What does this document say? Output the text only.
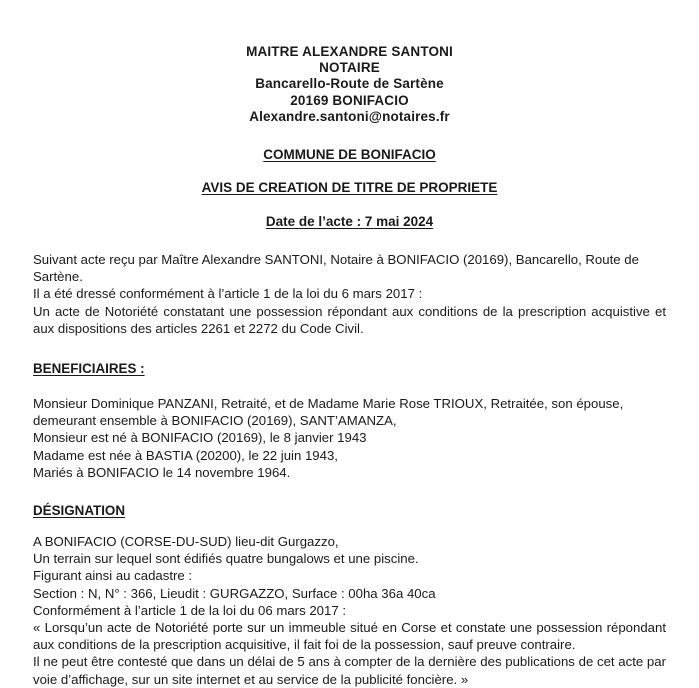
MAITRE ALEXANDRE SANTONI
NOTAIRE
Bancarello-Route de Sartène
20169 BONIFACIO
Alexandre.santoni@notaires.fr
COMMUNE DE BONIFACIO
AVIS DE CREATION DE TITRE DE PROPRIETE
Date de l’acte : 7 mai 2024

Suivant acte reçu par Maître Alexandre SANTONI, Notaire à BONIFACIO (20169), Bancarello, Route de Sartène.

Il a été dressé conformément à l’article 1 de la loi du 6 mars 2017 :

Un acte de Notoriété constatant une possession répondant aux conditions de la prescription acquistive et aux dispositions des articles 2261 et 2272 du Code Civil.

BENEFICIAIRES :

Monsieur Dominique PANZANI, Retraité, et de Madame Marie Rose TRIOUX, Retraitée, son épouse, demeurant ensemble à BONIFACIO (20169), SANT’AMANZA,

Monsieur est né à BONIFACIO (20169), le 8 janvier 1943

Madame est née à BASTIA (20200), le 22 juin 1943,

Mariés à BONIFACIO le 14 novembre 1964.

DÉSIGNATION

A BONIFACIO (CORSE-DU-SUD) lieu-dit Gurgazzo,

Un terrain sur lequel sont édifiés quatre bungalows et une piscine.

Figurant ainsi au cadastre :

Section : N, N° : 366, Lieudit : GURGAZZO, Surface : 00ha 36a 40ca

Conformément à l’article 1 de la loi du 06 mars 2017 :

« Lorsqu’un acte de Notoriété porte sur un immeuble situé en Corse et constate une possession répondant aux conditions de la prescription acquisitive, il fait foi de la possession, sauf preuve contraire.

Il ne peut être contesté que dans un délai de 5 ans à compter de la dernière des publications de cet acte par voie d’affichage, sur un site internet et au service de la publicité foncière. »
